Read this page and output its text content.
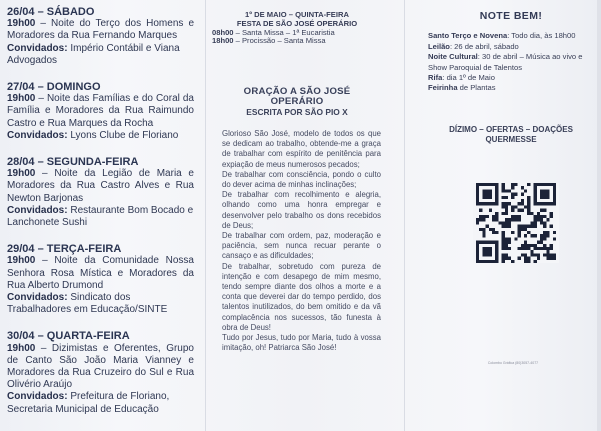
26/04 – SÁBADO
19h00 – Noite do Terço dos Homens e Moradores da Rua Fernando Marques
Convidados: Império Contábil e Viana Advogados
27/04 – DOMINGO
19h00 – Noite das Famílias e do Coral da Família e Moradores da Rua Raimundo Castro e Rua Marques da Rocha
Convidados: Lyons Clube de Floriano
28/04 – SEGUNDA-FEIRA
19h00 – Noite da Legião de Maria e Moradores da Rua Castro Alves e Rua Newton Barjonas
Convidados: Restaurante Bom Bocado e Lanchonete Sushi
29/04 – TERÇA-FEIRA
19h00 – Noite da Comunidade Nossa Senhora Rosa Mística e Moradores da Rua Alberto Drumond
Convidados: Sindicato dos Trabalhadores em Educação/SINTE
30/04 – QUARTA-FEIRA
19h00 – Dizimistas e Oferentes, Grupo de Canto São João Maria Vianney e Moradores da Rua Cruzeiro do Sul e Rua Olivério Araújo
Convidados: Prefeitura de Floriano, Secretaria Municipal de Educação
1º DE MAIO – QUINTA-FEIRA
FESTA DE SÃO JOSÉ OPERÁRIO
08h00 – Santa Missa – 1ª Eucaristia
18h00 – Procissão – Santa Missa
ORAÇÃO A SÃO JOSÉ
OPERÁRIO
ESCRITA POR SÃO PIO X
Glorioso São José, modelo de todos os que se dedicam ao trabalho, obtende-me a graça de trabalhar com espírito de penitência para expiação de meus numerosos pecados;
De trabalhar com consciência, pondo o culto do dever acima de minhas inclinações;
De trabalhar com recolhimento e alegria, olhando como uma honra empregar e desenvolver pelo trabalho os dons recebidos de Deus;
De trabalhar com ordem, paz, moderação e paciência, sem nunca recuar perante o cansaço e as dificuldades;
De trabalhar, sobretudo com pureza de intenção e com desapego de mim mesmo, tendo sempre diante dos olhos a morte e a conta que deverei dar do tempo perdido, dos talentos inutilizados, do bem omitido e da vã complacência nos sucessos, tão funesta à obra de Deus!
Tudo por Jesus, tudo por Maria, tudo à vossa imitação, oh! Patriarca São José!
NOTE BEM!
Santo Terço e Novena: Todo dia, às 18h00
Leilão: 26 de abril, sábado
Noite Cultural: 30 de abril – Música ao vivo e Show Paroquial de Talentos
Rifa: dia 1º de Maio
Feirinha de Plantas
DÍZIMO – OFERTAS – DOAÇÕES
QUERMESSE
Colombo Gráfica (80)3057-4077
